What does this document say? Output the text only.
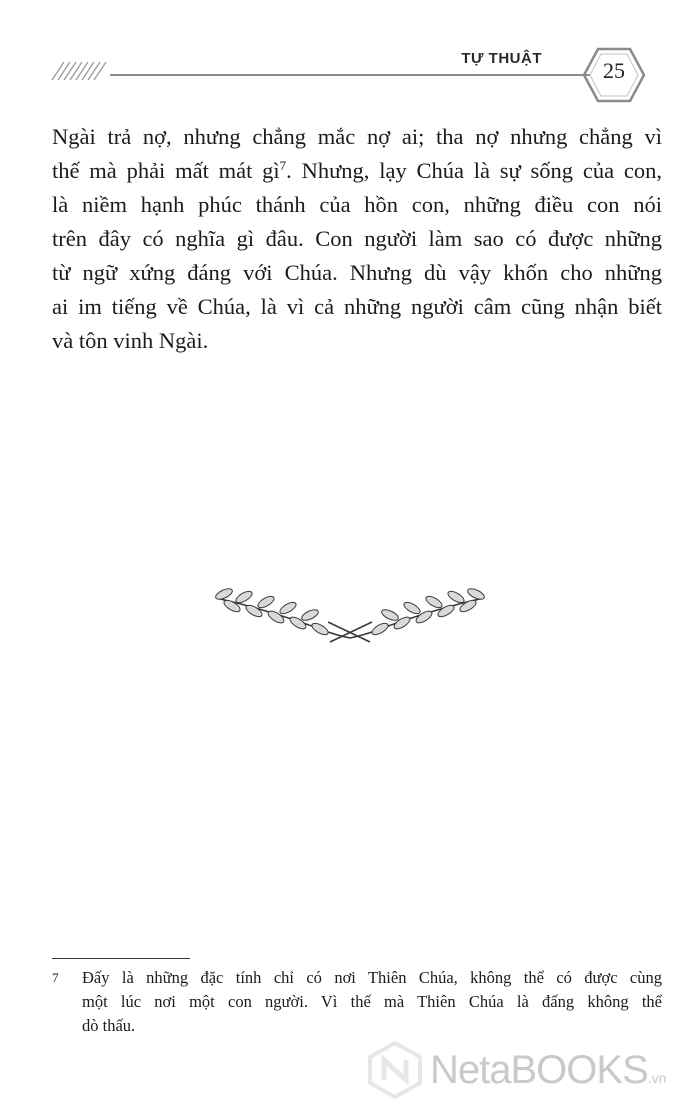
TỰ THUẬT	25

Ngài trả nợ, nhưng chẳng mắc nợ ai; tha nợ nhưng chẳng vì
thế mà phải mất mát $gì^7$. Nhưng, lạy Chúa là sự sống của con,
là niềm hạnh phúc thánh của hồn con, những điều con nói
trên đây có nghĩa gì đâu. Con người làm sao có được những
từ ngữ xứng đáng với Chúa. Nhưng dù vậy khốn cho những
ai im tiếng về Chúa, là vì cả những người câm cũng nhận biết
và tôn vinh Ngài.

7 Đấy là những đặc tính chỉ có nơi Thiên Chúa, không thể có được cùng
một lúc nơi một con người. Vì thế mà Thiên Chúa là đấng không thể
dò thấu.
NetaBOOKS.vn
